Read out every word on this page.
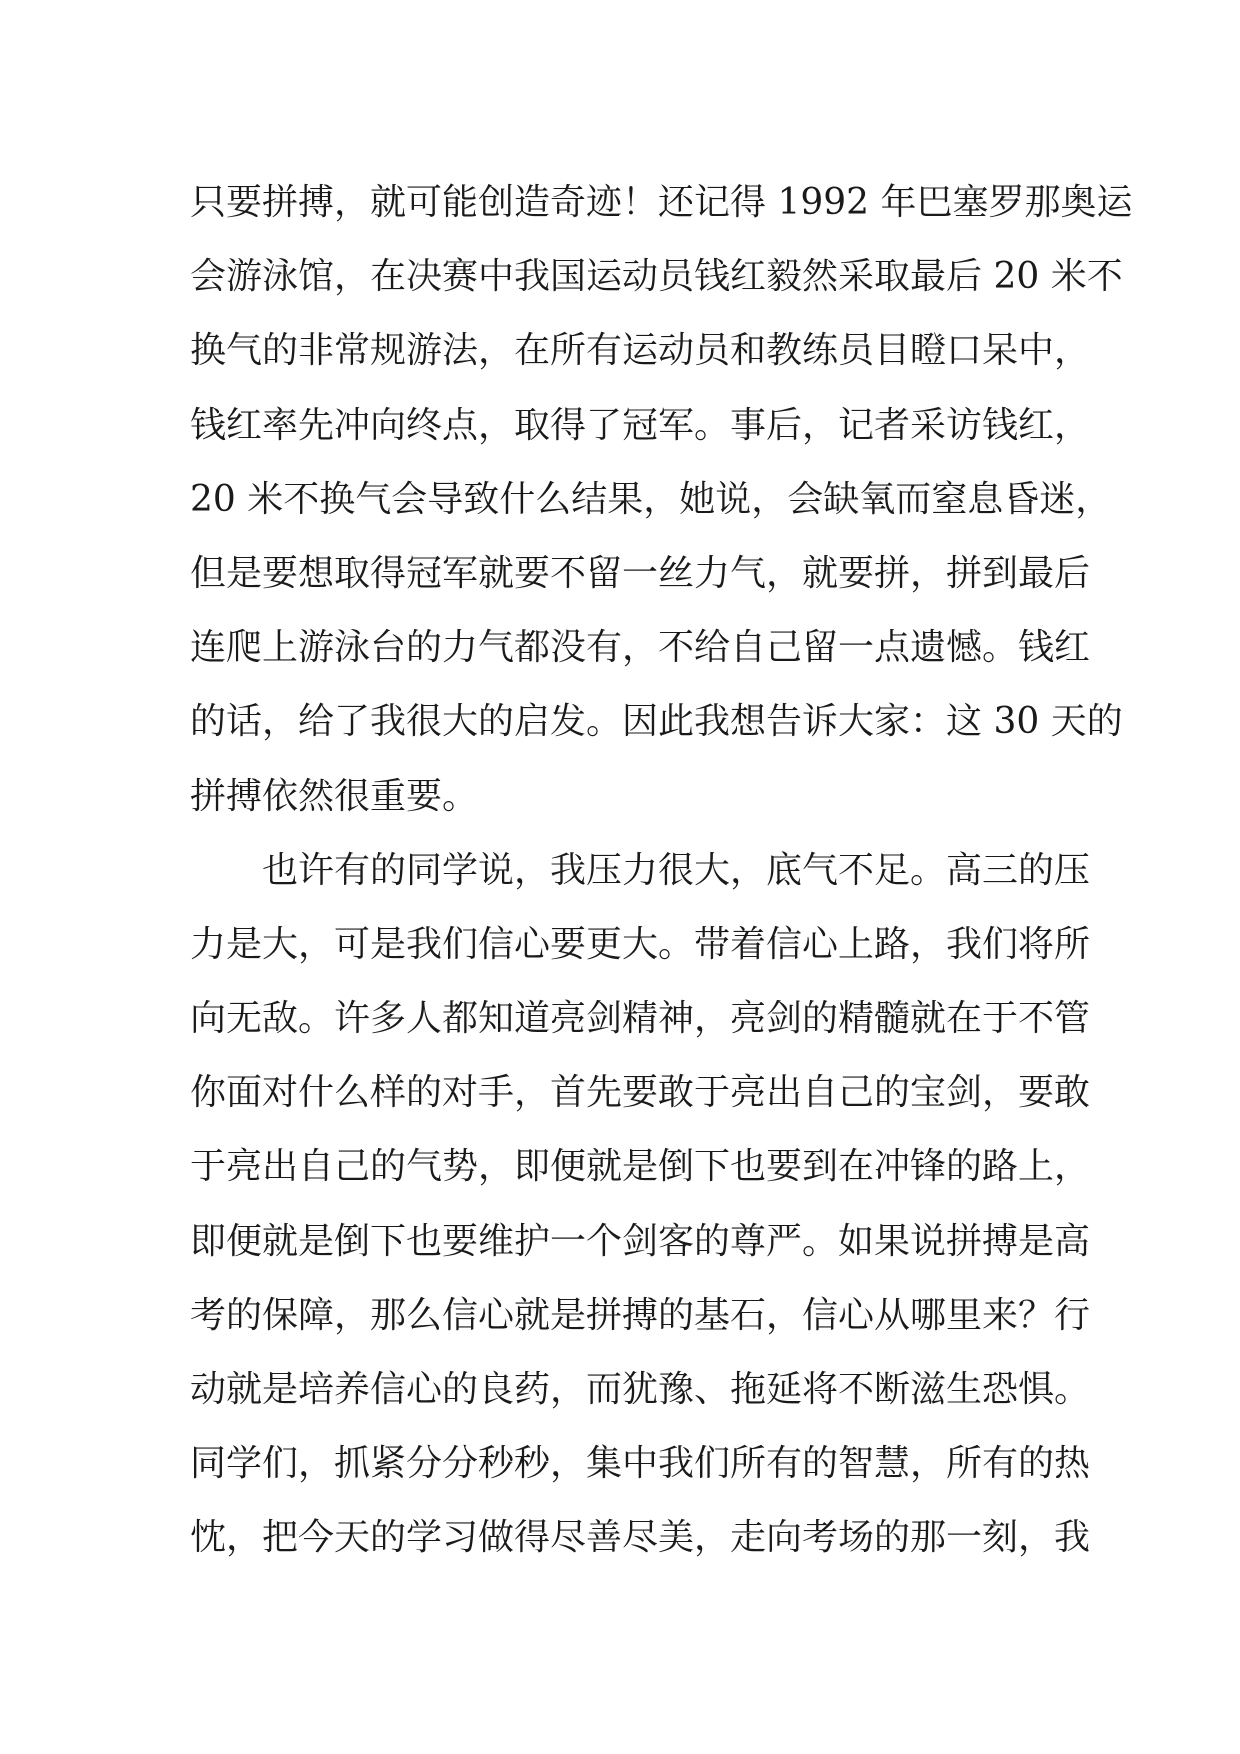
只要拼搏，就可能创造奇迹！还记得 1992 年巴塞罗那奥运
会游泳馆，在决赛中我国运动员钱红毅然采取最后 20 米不
换气的非常规游法，在所有运动员和教练员目瞪口呆中，
钱红率先冲向终点，取得了冠军。事后，记者采访钱红，
20 米不换气会导致什么结果，她说，会缺氧而窒息昏迷，
但是要想取得冠军就要不留一丝力气，就要拼，拼到最后
连爬上游泳台的力气都没有，不给自己留一点遗憾。钱红
的话，给了我很大的启发。因此我想告诉大家：这 30 天的
拼搏依然很重要。
　　也许有的同学说，我压力很大，底气不足。高三的压
力是大，可是我们信心要更大。带着信心上路，我们将所
向无敌。许多人都知道亮剑精神，亮剑的精髓就在于不管
你面对什么样的对手，首先要敢于亮出自己的宝剑，要敢
于亮出自己的气势，即便就是倒下也要到在冲锋的路上，
即便就是倒下也要维护一个剑客的尊严。如果说拼搏是高
考的保障，那么信心就是拼搏的基石，信心从哪里来？行
动就是培养信心的良药，而犹豫、拖延将不断滋生恐惧。
同学们，抓紧分分秒秒，集中我们所有的智慧，所有的热
忱，把今天的学习做得尽善尽美，走向考场的那一刻，我
